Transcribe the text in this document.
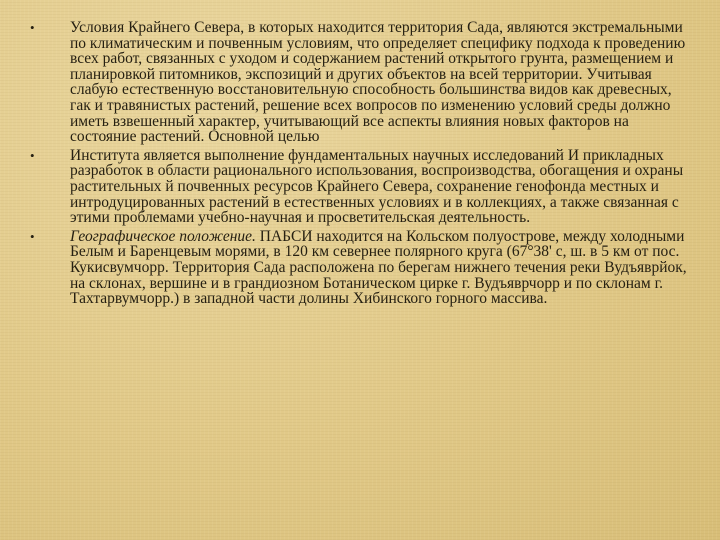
•	Условия Крайнего Севера, в которых находится территория Сада, являются экстремальными по климатическим и почвенным условиям, что определяет специфику подхода к проведению всех работ, связанных с уходом и содержанием растений открытого грунта, размещением и планировкой питомников, экспозиций и других объектов на всей территории. Учитывая слабую естественную восстановительную способность большинства видов как древесных, гак и травянистых растений, решение всех вопросов по изменению условий среды должно иметь взвешенный характер, учитывающий все аспекты влияния новых факторов на состояние растений. Основной целью
•	Института является выполнение фундаментальных научных исследований И прикладных разработок в области рационального использования, воспроизводства, обогащения и охраны растительных й почвенных ресурсов Крайнего Севера, сохранение генофонда местных и интродуцированных растений в естественных условиях и в коллекциях, а также связанная с этими проблемами учебно-научная и просветительская деятельность.
•	Географическое положение. ПАБСИ находится на Кольском полуострове, между холодными Белым и Баренцевым морями, в 120 км севернее полярного круга (67°38' с, ш. в 5 км от пос. Кукисвумчорр. Территория Сада расположена по берегам нижнего течения реки Вудъяврйок, на склонах, вершине и в грандиозном Ботаническом цирке г. Вудъяврчорр и по склонам г. Тахтарвумчорр.) в западной части долины Хибинского горного массива.
